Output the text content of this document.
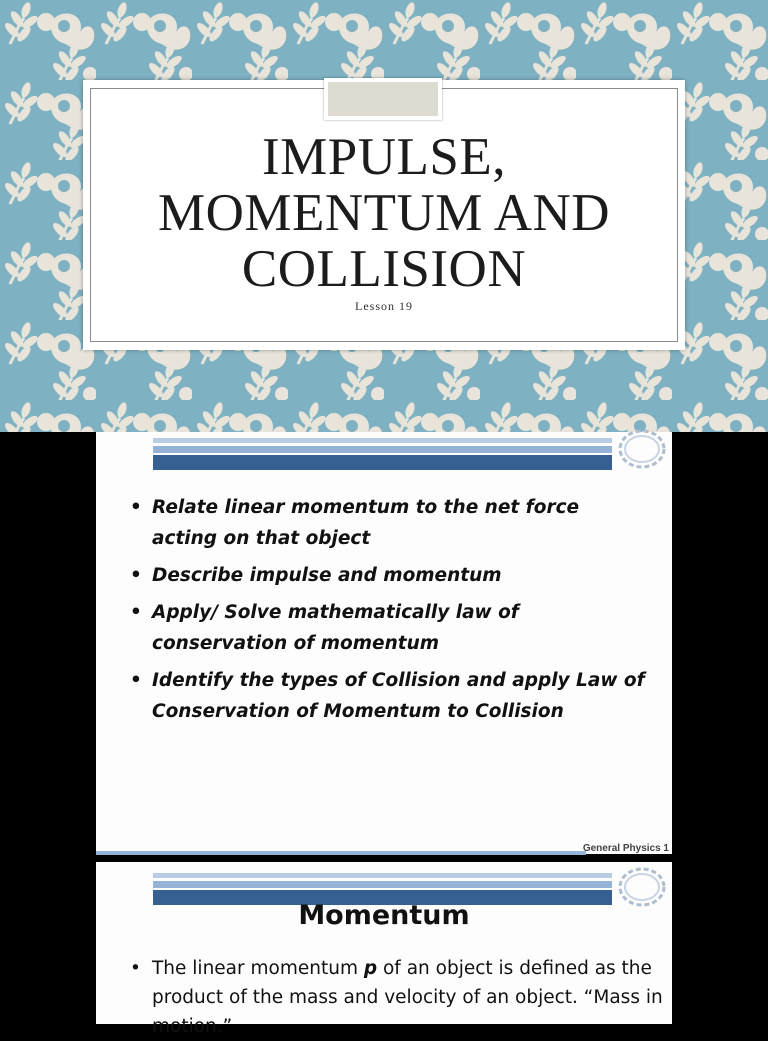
IMPULSE,
MOMENTUM AND
COLLISION
Lesson 19
• Relate linear momentum to the net force acting on that object
• Describe impulse and momentum
• Apply/ Solve mathematically law of conservation of momentum
• Identify the types of Collision and apply Law of Conservation of Momentum to Collision
General Physics 1
Momentum
• The linear momentum p of an object is defined as the product of the mass and velocity of an object. “Mass in motion.”
